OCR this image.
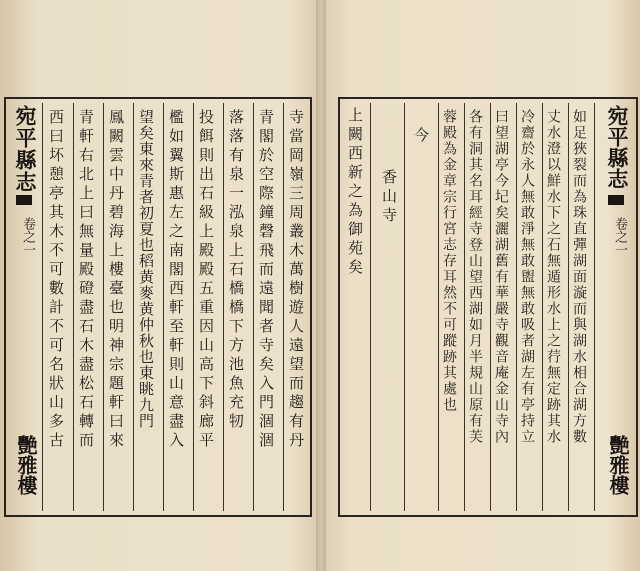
宛平縣志
卷之一
艷雅樓
寺當岡嶺三周叢木萬樹遊人遠望而趨有丹
青閣於空際鐘磬飛而遠聞者寺矣入門涸涸
落落有泉一泓泉上石橋橋下方池魚充牣
投餌則出石級上殿殿五重因山高下斜廊平
檻如翼斯惠左之南閣西軒至軒則山意盡入
望矣東來青者初夏也稻黄麥黄仲秋也東眺九門
鳳闕雲中丹碧海上樓臺也明神宗題軒曰來
青軒右北上曰無量殿磴盡石木盡松石轉而
西曰坏憩亭其木不可數計不可名狀山多古	上闕西新之為御苑矣 香山寺
今	如足狹裂而為珠直彈湖面漩而與湖水相合湖方數
丈水澄以鮮水下之石無遁形水上之荇無定跡其水
冷齋於永人無敢淨無敢盥無敢吸者湖左有亭持立
曰望湖亭今圮矣灑湖舊有華嚴寺觀音庵金山寺內
各有洞其名耳經寺登山望西湖如月半規山原有芙
蓉殿為金章宗行宮志存耳然不可蹤跡其處也	宛平縣志
卷之一
艷雅樓
